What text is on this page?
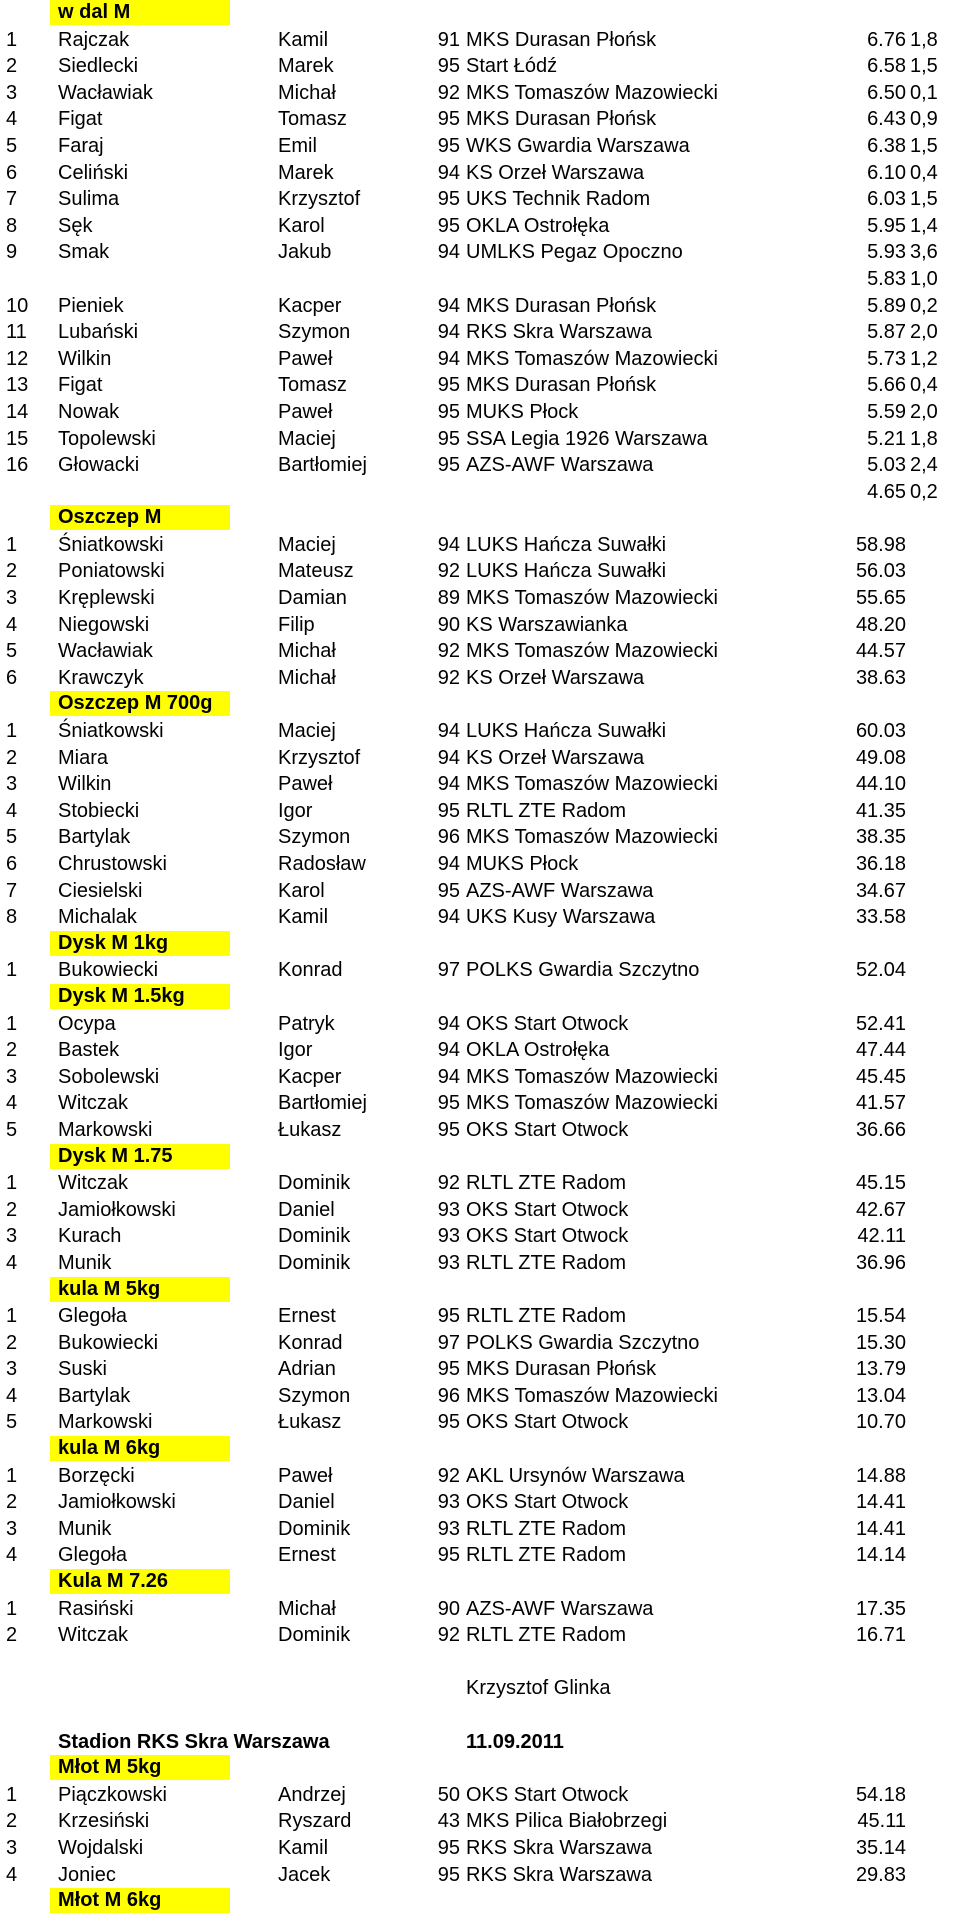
w dal M
1 Rajczak	Kamil	91 MKS Durasan Płońsk	6.76 1,8
2 Siedlecki	Marek	95 Start Łódź	6.58 1,5
3 Wacławiak	Michał	92 MKS Tomaszów Mazowiecki	6.50 0,1
4 Figat	Tomasz	95 MKS Durasan Płońsk	6.43 0,9
5 Faraj	Emil	95 WKS Gwardia Warszawa	6.38 1,5
6 Celiński	Marek	94 KS Orzeł Warszawa	6.10 0,4
7 Sulima	Krzysztof	95 UKS Technik Radom	6.03 1,5
8 Sęk	Karol	95 OKLA Ostrołęka	5.95 1,4
9 Smak	Jakub	94 UMLKS Pegaz Opoczno	5.93 3,6
5.83 1,0
10 Pieniek	Kacper	94 MKS Durasan Płońsk	5.89 0,2
11 Lubański	Szymon	94 RKS Skra Warszawa	5.87 2,0
12 Wilkin	Paweł	94 MKS Tomaszów Mazowiecki	5.73 1,2
13 Figat	Tomasz	95 MKS Durasan Płońsk	5.66 0,4
14 Nowak	Paweł	95 MUKS Płock	5.59 2,0
15 Topolewski	Maciej	95 SSA Legia 1926 Warszawa	5.21 1,8
16 Głowacki	Bartłomiej	95 AZS-AWF Warszawa	5.03 2,4
4.65 0,2
Oszczep M
1 Śniatkowski	Maciej	94 LUKS Hańcza Suwałki	58.98
2 Poniatowski	Mateusz	92 LUKS Hańcza Suwałki	56.03
3 Kręplewski	Damian	89 MKS Tomaszów Mazowiecki	55.65
4 Niegowski	Filip	90 KS Warszawianka	48.20
5 Wacławiak	Michał	92 MKS Tomaszów Mazowiecki	44.57
6 Krawczyk	Michał	92 KS Orzeł Warszawa	38.63
Oszczep M 700g
1 Śniatkowski	Maciej	94 LUKS Hańcza Suwałki	60.03
2 Miara	Krzysztof	94 KS Orzeł Warszawa	49.08
3 Wilkin	Paweł	94 MKS Tomaszów Mazowiecki	44.10
4 Stobiecki	Igor	95 RLTL ZTE Radom	41.35
5 Bartylak	Szymon	96 MKS Tomaszów Mazowiecki	38.35
6 Chrustowski	Radosław	94 MUKS Płock	36.18
7 Ciesielski	Karol	95 AZS-AWF Warszawa	34.67
8 Michalak	Kamil	94 UKS Kusy Warszawa	33.58
Dysk M 1kg
1 Bukowiecki	Konrad	97 POLKS Gwardia Szczytno	52.04
Dysk M 1.5kg
1 Ocypa	Patryk	94 OKS Start Otwock	52.41
2 Bastek	Igor	94 OKLA Ostrołęka	47.44
3 Sobolewski	Kacper	94 MKS Tomaszów Mazowiecki	45.45
4 Witczak	Bartłomiej	95 MKS Tomaszów Mazowiecki	41.57
5 Markowski	Łukasz	95 OKS Start Otwock	36.66
Dysk M 1.75
1 Witczak	Dominik	92 RLTL ZTE Radom	45.15
2 Jamiołkowski	Daniel	93 OKS Start Otwock	42.67
3 Kurach	Dominik	93 OKS Start Otwock	42.11
4 Munik	Dominik	93 RLTL ZTE Radom	36.96
kula M 5kg
1 Glegoła	Ernest	95 RLTL ZTE Radom	15.54
2 Bukowiecki	Konrad	97 POLKS Gwardia Szczytno	15.30
3 Suski	Adrian	95 MKS Durasan Płońsk	13.79
4 Bartylak	Szymon	96 MKS Tomaszów Mazowiecki	13.04
5 Markowski	Łukasz	95 OKS Start Otwock	10.70
kula M 6kg
1 Borzęcki	Paweł	92 AKL Ursynów Warszawa	14.88
2 Jamiołkowski	Daniel	93 OKS Start Otwock	14.41
3 Munik	Dominik	93 RLTL ZTE Radom	14.41
4 Glegoła	Ernest	95 RLTL ZTE Radom	14.14
Kula M 7.26
1 Rasiński	Michał	90 AZS-AWF Warszawa	17.35
2 Witczak	Dominik	92 RLTL ZTE Radom	16.71
Krzysztof Glinka
Stadion RKS Skra Warszawa	11.09.2011
Młot M 5kg
1 Piączkowski	Andrzej	50 OKS Start Otwock	54.18
2 Krzesiński	Ryszard	43 MKS Pilica Białobrzegi	45.11
3 Wojdalski	Kamil	95 RKS Skra Warszawa	35.14
4 Joniec	Jacek	95 RKS Skra Warszawa	29.83
Młot M 6kg
